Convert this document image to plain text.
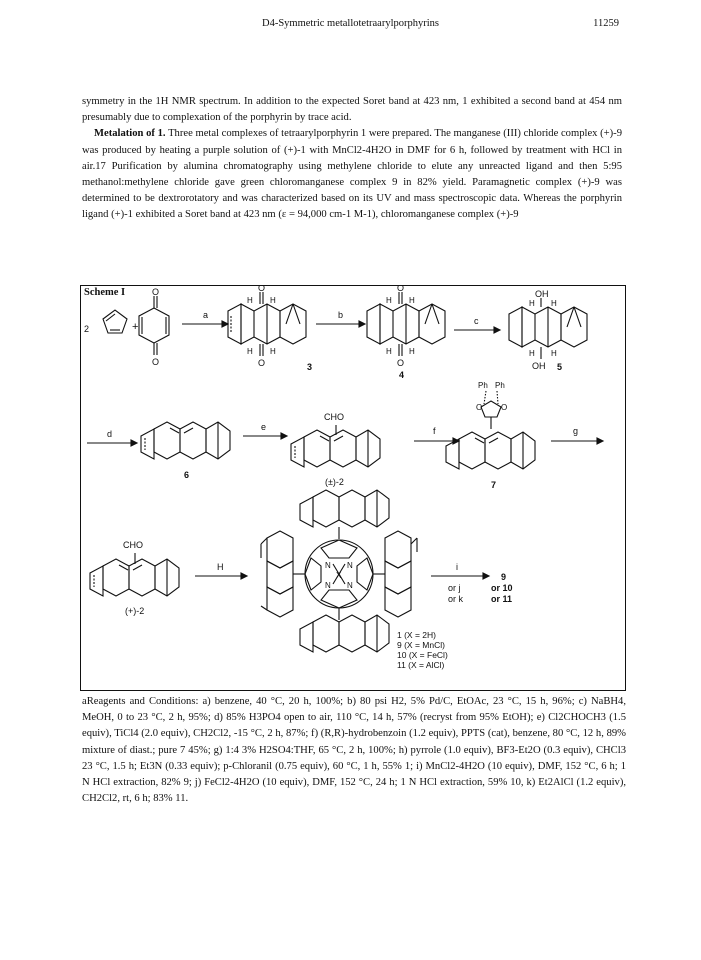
D4-Symmetric metallotetraarylporphyrins	11259

symmetry in the 1H NMR spectrum. In addition to the expected Soret band at 423 nm, 1 exhibited a second band at 454 nm presumably due to complexation of the porphyrin by trace acid.

Metalation of 1. Three metal complexes of tetraarylporphyrin 1 were prepared. The manganese (III) chloride complex (+)-9 was produced by heating a purple solution of (+)-1 with MnCl2-4H2O in DMF for 6 h, followed by treatment with HCl in air.17 Purification by alumina chromatography using methylene chloride to elute any unreacted ligand and then 5:95 methanol:methylene chloride gave green chloromanganese complex 9 in 82% yield. Paramagnetic complex (+)-9 was determined to be dextrorotatory and was characterized based on its UV and mass spectroscopic data. Whereas the porphyrin ligand (+)-1 exhibited a Soret band at 423 nm (ε = 94,000 cm-1 M-1), chloromanganese complex (+)-9

Scheme I
2	+
O
O
a
O
O
H H
H H
3
b
O
O
H H
H H
4
c
OH
OH
H H
H H
5
d
6
e
CHO
(±)-2
f
Ph Ph
O O
7
g
CHO
(+)-2
H	N N
N N
X
i
or j
or k
9
or 10
or 11
1 (X = 2H)
9 (X = MnCl)
10 (X = FeCl)
11 (X = AlCl)
aReagents and Conditions: a) benzene, 40 °C, 20 h, 100%; b) 80 psi H2, 5% Pd/C, EtOAc, 23 °C, 15 h, 96%; c) NaBH4, MeOH, 0 to 23 °C, 2 h, 95%; d) 85% H3PO4 open to air, 110 °C, 14 h, 57% (recryst from 95% EtOH); e) Cl2CHOCH3 (1.5 equiv), TiCl4 (2.0 equiv), CH2Cl2, -15 °C, 2 h, 87%; f) (R,R)-hydrobenzoin (1.2 equiv), PPTS (cat), benzene, 80 °C, 12 h, 89% mixture of diast.; pure 7 45%; g) 1:4 3% H2SO4:THF, 65 °C, 2 h, 100%; h) pyrrole (1.0 equiv), BF3-Et2O (0.3 equiv), CHCl3 23 °C, 1.5 h; Et3N (0.33 equiv); p-Chloranil (0.75 equiv), 60 °C, 1 h, 55% 1; i) MnCl2-4H2O (10 equiv), DMF, 152 °C, 6 h; 1 N HCl extraction, 82% 9; j) FeCl2-4H2O (10 equiv), DMF, 152 °C, 24 h; 1 N HCl extraction, 59% 10, k) Et2AlCl (1.2 equiv), CH2Cl2, rt, 6 h; 83% 11.
